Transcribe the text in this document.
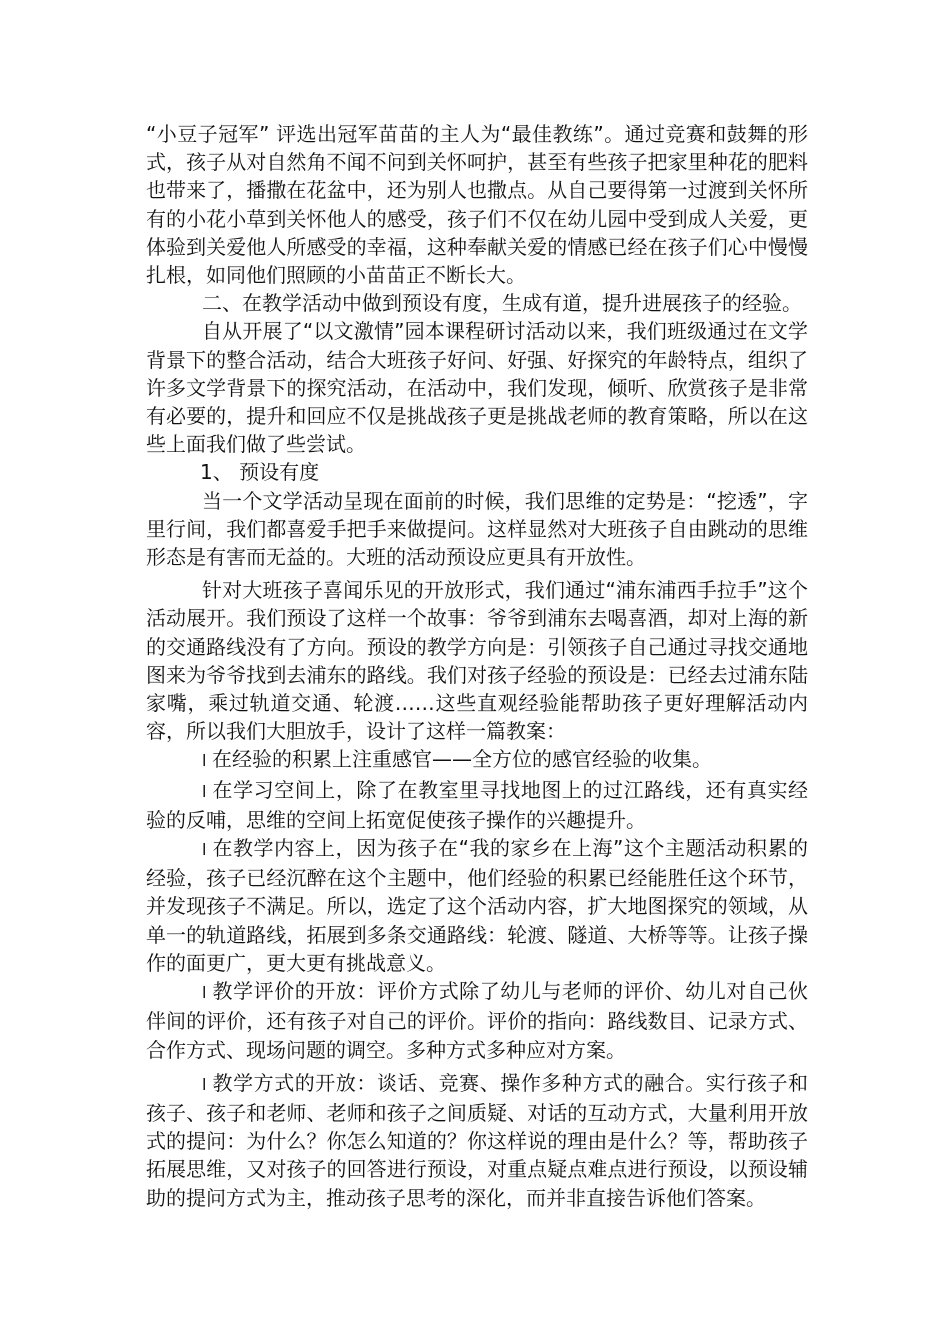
“小豆子冠军” 评选出冠军苗苗的主人为“最佳教练”。通过竞赛和鼓舞的形式，孩子从对自然角不闻不问到关怀呵护，甚至有些孩子把家里种花的肥料也带来了，播撒在花盆中，还为别人也撒点。从自己要得第一过渡到关怀所有的小花小草到关怀他人的感受，孩子们不仅在幼儿园中受到成人关爱，更体验到关爱他人所感受的幸福，这种奉献关爱的情感已经在孩子们心中慢慢扎根，如同他们照顾的小苗苗正不断长大。

二、在教学活动中做到预设有度，生成有道，提升进展孩子的经验。

自从开展了“以文激情”园本课程研讨活动以来，我们班级通过在文学背景下的整合活动，结合大班孩子好问、好强、好探究的年龄特点，组织了许多文学背景下的探究活动，在活动中，我们发现，倾听、欣赏孩子是非常有必要的，提升和回应不仅是挑战孩子更是挑战老师的教育策略，所以在这些上面我们做了些尝试。

1、 预设有度

当一个文学活动呈现在面前的时候，我们思维的定势是：“挖透”，字里行间，我们都喜爱手把手来做提问。这样显然对大班孩子自由跳动的思维形态是有害而无益的。大班的活动预设应更具有开放性。

针对大班孩子喜闻乐见的开放形式，我们通过“浦东浦西手拉手”这个活动展开。我们预设了这样一个故事：爷爷到浦东去喝喜酒，却对上海的新的交通路线没有了方向。预设的教学方向是：引领孩子自己通过寻找交通地图来为爷爷找到去浦东的路线。我们对孩子经验的预设是：已经去过浦东陆家嘴，乘过轨道交通、轮渡……这些直观经验能帮助孩子更好理解活动内容，所以我们大胆放手，设计了这样一篇教案：

l 在经验的积累上注重感官——全方位的感官经验的收集。

l 在学习空间上，除了在教室里寻找地图上的过江路线，还有真实经验的反哺，思维的空间上拓宽促使孩子操作的兴趣提升。

l 在教学内容上，因为孩子在“我的家乡在上海”这个主题活动积累的经验，孩子已经沉醉在这个主题中，他们经验的积累已经能胜任这个环节，并发现孩子不满足。所以，选定了这个活动内容，扩大地图探究的领域，从单一的轨道路线，拓展到多条交通路线：轮渡、隧道、大桥等等。让孩子操作的面更广，更大更有挑战意义。

l 教学评价的开放：评价方式除了幼儿与老师的评价、幼儿对自己伙伴间的评价，还有孩子对自己的评价。评价的指向：路线数目、记录方式、合作方式、现场问题的调空。多种方式多种应对方案。

l 教学方式的开放：谈话、竞赛、操作多种方式的融合。实行孩子和孩子、孩子和老师、老师和孩子之间质疑、对话的互动方式，大量利用开放式的提问：为什么？你怎么知道的？你这样说的理由是什么？等，帮助孩子拓展思维，又对孩子的回答进行预设，对重点疑点难点进行预设，以预设辅助的提问方式为主，推动孩子思考的深化，而并非直接告诉他们答案。
